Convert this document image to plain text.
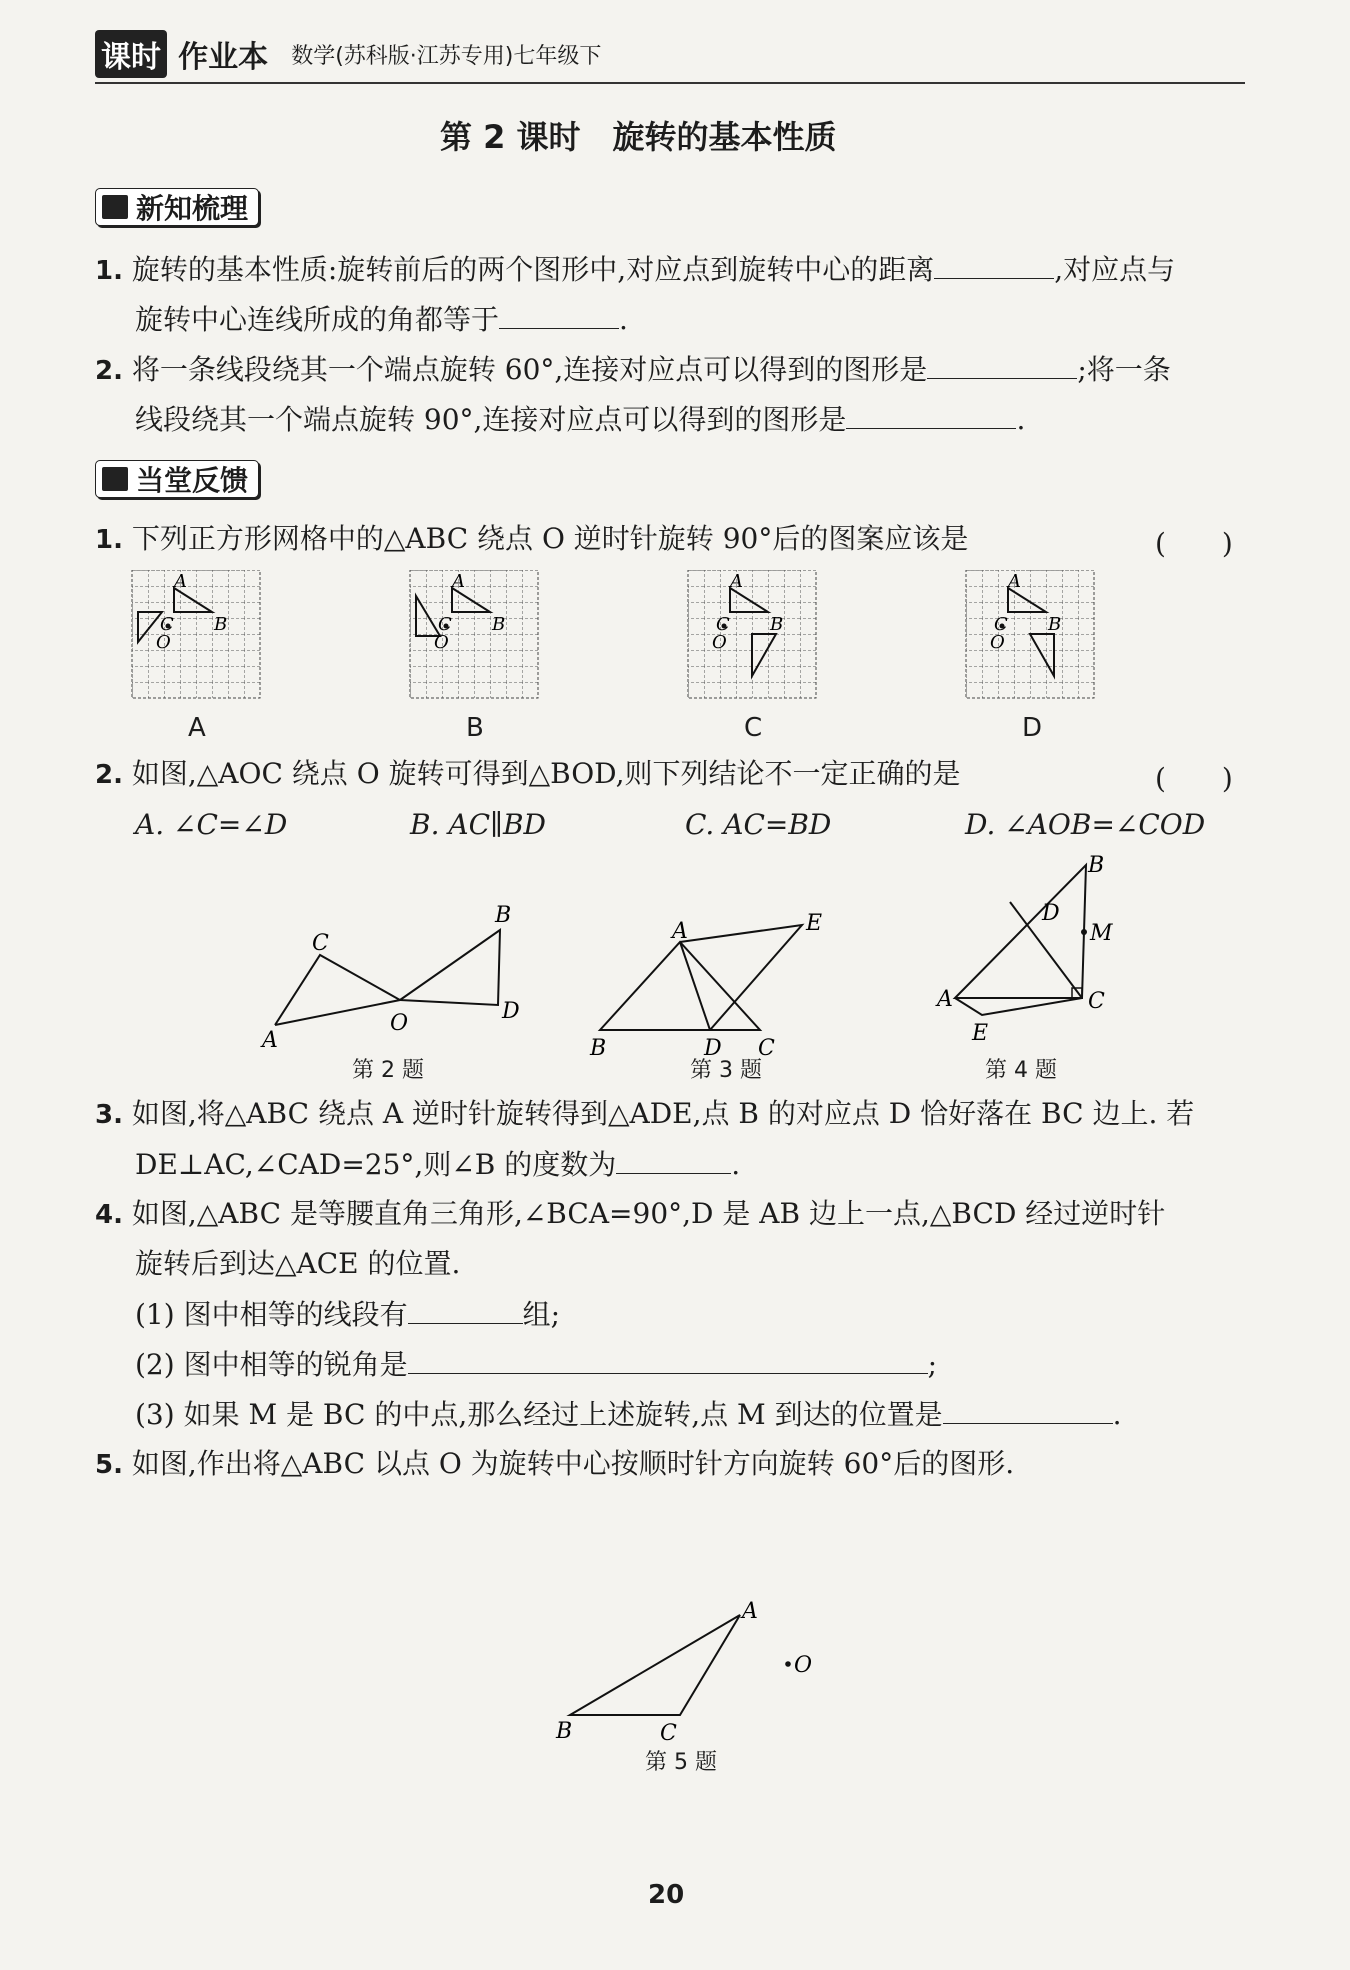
课时 作业本 数学(苏科版·江苏专用)七年级下
第 2 课时　旋转的基本性质
新知梳理
1. 旋转的基本性质:旋转前后的两个图形中,对应点到旋转中心的距离	,对应点与
旋转中心连线所成的角都等于	.
2. 将一条线段绕其一个端点旋转 60°,连接对应点可以得到的图形是	;将一条
线段绕其一个端点旋转 90°,连接对应点可以得到的图形是	.
当堂反馈
1. 下列正方形网格中的△ABC 绕点 O 逆时针旋转 90°后的图案应该是	(　　)
A
B
C
O
A
B
C
O
A
B
C
O
A
B
C
O
A	B	C	D
2. 如图,△AOC 绕点 O 旋转可得到△BOD,则下列结论不一定正确的是	(　　)
A. ∠C=∠D	B. AC∥BD	C. AC=BD	D. ∠AOB=∠COD
A
C
O
B
D
B
A
D C
E
B
D
M
A	C
E
第 2 题	第 3 题	第 4 题
3. 如图,将△ABC 绕点 A 逆时针旋转得到△ADE,点 B 的对应点 D 恰好落在 BC 边上. 若
DE⊥AC,∠CAD=25°,则∠B 的度数为	.
4. 如图,△ABC 是等腰直角三角形,∠BCA=90°,D 是 AB 边上一点,△BCD 经过逆时针
旋转后到达△ACE 的位置.
(1) 图中相等的线段有	组;
(2) 图中相等的锐角是	;
(3) 如果 M 是 BC 的中点,那么经过上述旋转,点 M 到达的位置是	.
5. 如图,作出将△ABC 以点 O 为旋转中心按顺时针方向旋转 60°后的图形.
A
B	C
O
第 5 题
20
